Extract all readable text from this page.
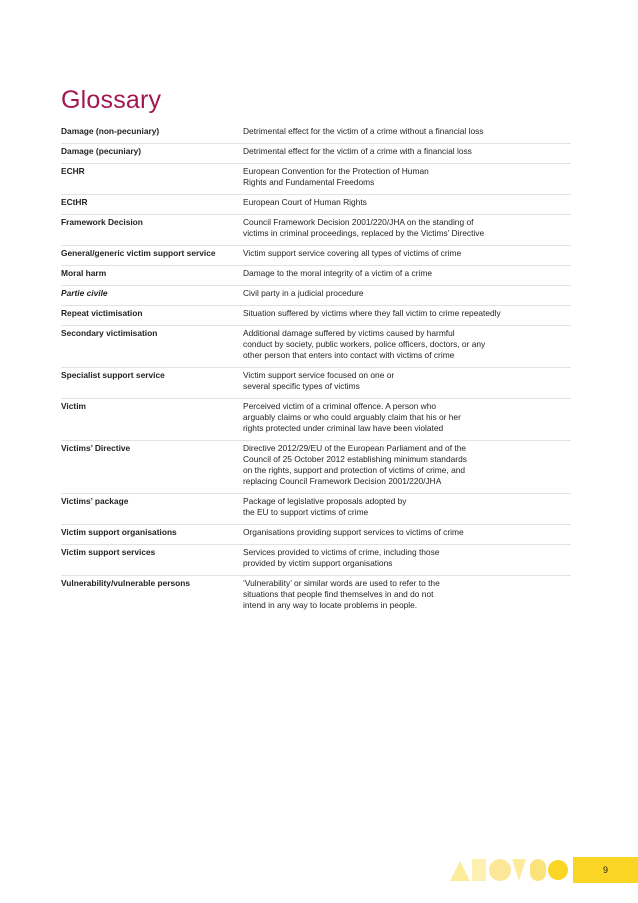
Glossary
Damage (non-pecuniary)	Detrimental effect for the victim of a crime without a financial loss
Damage (pecuniary)	Detrimental effect for the victim of a crime with a financial loss
ECHR	European Convention for the Protection of Human
Rights and Fundamental Freedoms
ECtHR	European Court of Human Rights
Framework Decision	Council Framework Decision 2001/220/JHA on the standing of
victims in criminal proceedings, replaced by the Victims’ Directive
General/generic victim support service	Victim support service covering all types of victims of crime
Moral harm	Damage to the moral integrity of a victim of a crime
Partie civile	Civil party in a judicial procedure
Repeat victimisation	Situation suffered by victims where they fall victim to crime repeatedly
Secondary victimisation	Additional damage suffered by victims caused by harmful
conduct by society, public workers, police officers, doctors, or any
other person that enters into contact with victims of crime
Specialist support service	Victim support service focused on one or
several specific types of victims
Victim	Perceived victim of a criminal offence. A person who
arguably claims or who could arguably claim that his or her
rights protected under criminal law have been violated
Victims’ Directive	Directive 2012/29/EU of the European Parliament and of the
Council of 25 October 2012 establishing minimum standards
on the rights, support and protection of victims of crime, and
replacing Council Framework Decision 2001/220/JHA
Victims’ package	Package of legislative proposals adopted by
the EU to support victims of crime
Victim support organisations	Organisations providing support services to victims of crime
Victim support services	Services provided to victims of crime, including those
provided by victim support organisations
Vulnerability/vulnerable persons	‘Vulnerability’ or similar words are used to refer to the
situations that people find themselves in and do not
intend in any way to locate problems in people.
9
